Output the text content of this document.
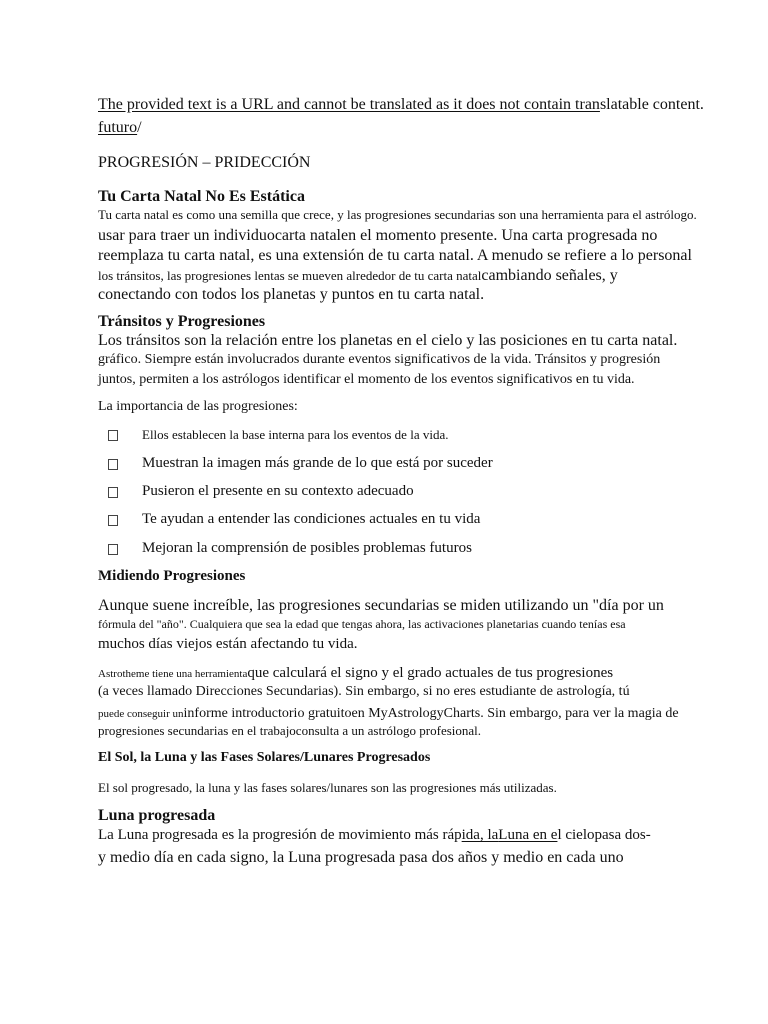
The provided text is a URL and cannot be translated as it does not contain translatable content.
futuro/
PROGRESIÓN – PRIDECCIÓN
Tu Carta Natal No Es Estática
Tu carta natal es como una semilla que crece, y las progresiones secundarias son una herramienta para el astrólogo.
usar para traer un individuocarta natalen el momento presente. Una carta progresada no
reemplaza tu carta natal, es una extensión de tu carta natal. A menudo se refiere a lo personal
los tránsitos, las progresiones lentas se mueven alrededor de tu carta natalcambiando señales, y
conectando con todos los planetas y puntos en tu carta natal.
Tránsitos y Progresiones
Los tránsitos son la relación entre los planetas en el cielo y las posiciones en tu carta natal.
gráfico. Siempre están involucrados durante eventos significativos de la vida. Tránsitos y progresión
juntos, permiten a los astrólogos identificar el momento de los eventos significativos en tu vida.
La importancia de las progresiones:
Ellos establecen la base interna para los eventos de la vida.
Muestran la imagen más grande de lo que está por suceder
Pusieron el presente en su contexto adecuado
Te ayudan a entender las condiciones actuales en tu vida
Mejoran la comprensión de posibles problemas futuros
Midiendo Progresiones
Aunque suene increíble, las progresiones secundarias se miden utilizando un "día por un
fórmula del "año". Cualquiera que sea la edad que tengas ahora, las activaciones planetarias cuando tenías esa
muchos días viejos están afectando tu vida.
Astrotheme tiene una herramientaque calculará el signo y el grado actuales de tus progresiones
(a veces llamado Direcciones Secundarias). Sin embargo, si no eres estudiante de astrología, tú
puede conseguir uninforme introductorio gratuitoen MyAstrologyCharts. Sin embargo, para ver la magia de
progresiones secundarias en el trabajoconsulta a un astrólogo profesional.
El Sol, la Luna y las Fases Solares/Lunares Progresados
El sol progresado, la luna y las fases solares/lunares son las progresiones más utilizadas.
Luna progresada
La Luna progresada es la progresión de movimiento más rápida, laLuna en el cielopasa dos-
y medio día en cada signo, la Luna progresada pasa dos años y medio en cada uno
